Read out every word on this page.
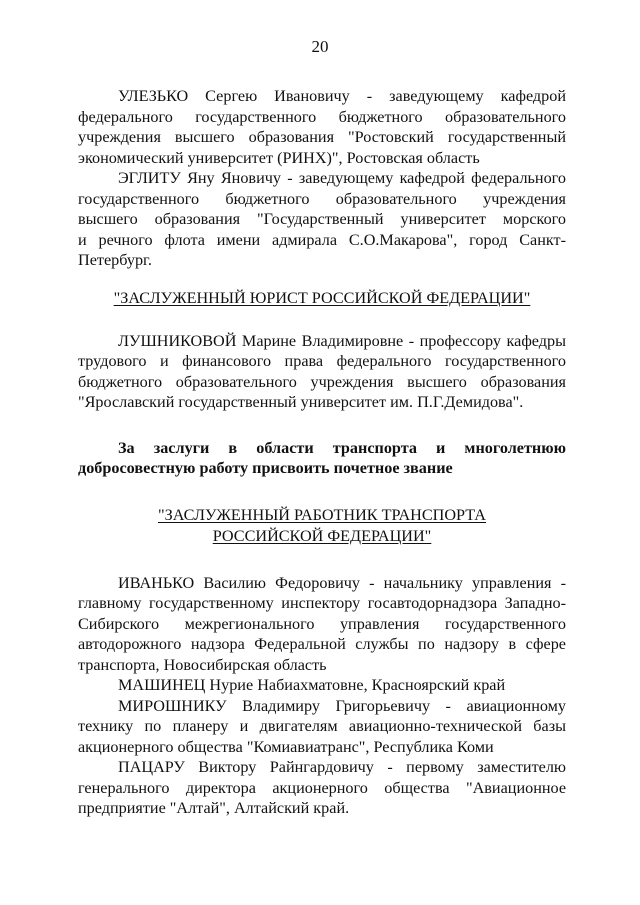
20
УЛЕЗЬКО Сергею Ивановичу - заведующему кафедрой
федерального государственного бюджетного образовательного
учреждения высшего образования "Ростовский государственный
экономический университет (РИНХ)", Ростовская область
ЭГЛИТУ Яну Яновичу - заведующему кафедрой федерального
государственного бюджетного образовательного учреждения
высшего образования "Государственный университет морского
и речного флота имени адмирала С.О.Макарова", город Санкт-
Петербург.
"ЗАСЛУЖЕННЫЙ ЮРИСТ РОССИЙСКОЙ ФЕДЕРАЦИИ"
ЛУШНИКОВОЙ Марине Владимировне - профессору кафедры
трудового и финансового права федерального государственного
бюджетного образовательного учреждения высшего образования
"Ярославский государственный университет им. П.Г.Демидова".
За заслуги в области транспорта и многолетнюю
добросовестную работу присвоить почетное звание
"ЗАСЛУЖЕННЫЙ РАБОТНИК ТРАНСПОРТА
РОССИЙСКОЙ ФЕДЕРАЦИИ"
ИВАНЬКО Василию Федоровичу - начальнику управления -
главному государственному инспектору госавтодорнадзора Западно-
Сибирского межрегионального управления государственного
автодорожного надзора Федеральной службы по надзору в сфере
транспорта, Новосибирская область
МАШИНЕЦ Нурие Набиахматовне, Красноярский край
МИРОШНИКУ Владимиру Григорьевичу - авиационному
технику по планеру и двигателям авиационно-технической базы
акционерного общества "Комиавиатранс", Республика Коми
ПАЦАРУ Виктору Райнгардовичу - первому заместителю
генерального директора акционерного общества "Авиационное
предприятие "Алтай", Алтайский край.
